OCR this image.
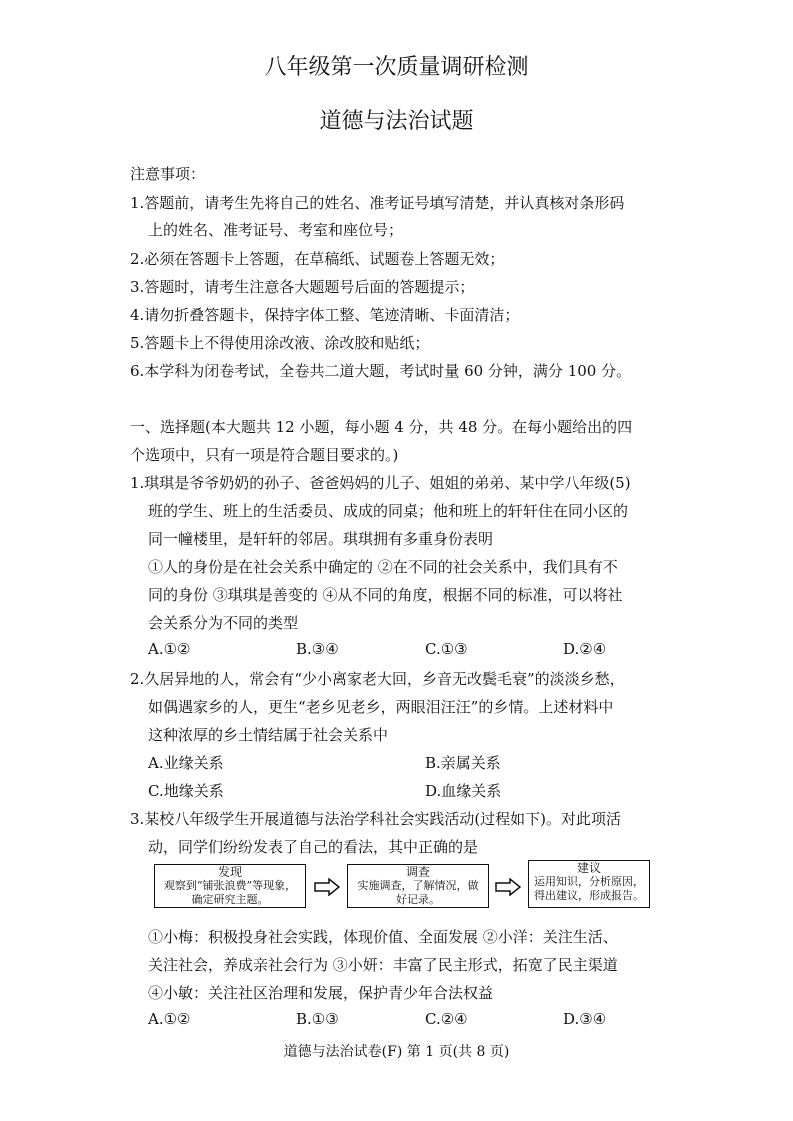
八年级第一次质量调研检测
道德与法治试题
注意事项：
1.答题前，请考生先将自己的姓名、准考证号填写清楚，并认真核对条形码
上的姓名、准考证号、考室和座位号；
2.必须在答题卡上答题，在草稿纸、试题卷上答题无效；
3.答题时，请考生注意各大题题号后面的答题提示；
4.请勿折叠答题卡，保持字体工整、笔迹清晰、卡面清洁；
5.答题卡上不得使用涂改液、涂改胶和贴纸；
6.本学科为闭卷考试，全卷共二道大题，考试时量 60 分钟，满分 100 分。
一、选择题(本大题共 12 小题，每小题 4 分，共 48 分。在每小题给出的四
个选项中，只有一项是符合题目要求的。)
1.琪琪是爷爷奶奶的孙子、爸爸妈妈的儿子、姐姐的弟弟、某中学八年级(5)
班的学生、班上的生活委员、成成的同桌；他和班上的轩轩住在同小区的
同一幢楼里，是轩轩的邻居。琪琪拥有多重身份表明
①人的身份是在社会关系中确定的 ②在不同的社会关系中，我们具有不
同的身份 ③琪琪是善变的 ④从不同的角度，根据不同的标准，可以将社
会关系分为不同的类型
A.①②	B.③④	C.①③	D.②④
2.久居异地的人，常会有“少小离家老大回，乡音无改鬓毛衰”的淡淡乡愁，
如偶遇家乡的人，更生“老乡见老乡，两眼泪汪汪”的乡情。上述材料中
这种浓厚的乡土情结属于社会关系中
A.业缘关系	B.亲属关系
C.地缘关系	D.血缘关系
3.某校八年级学生开展道德与法治学科社会实践活动(过程如下)。对此项活
动，同学们纷纷发表了自己的看法，其中正确的是
发现
观察到“铺张浪费”等现象，
确定研究主题。
调查
实施调查，了解情况，做
好记录。
建议
运用知识，分析原因，
得出建议，形成报告。
①小梅：积极投身社会实践，体现价值、全面发展 ②小洋：关注生活、
关注社会，养成亲社会行为 ③小妍：丰富了民主形式，拓宽了民主渠道
④小敏：关注社区治理和发展，保护青少年合法权益
A.①②	B.①③	C.②④	D.③④
道德与法治试卷(F) 第 1 页(共 8 页)
